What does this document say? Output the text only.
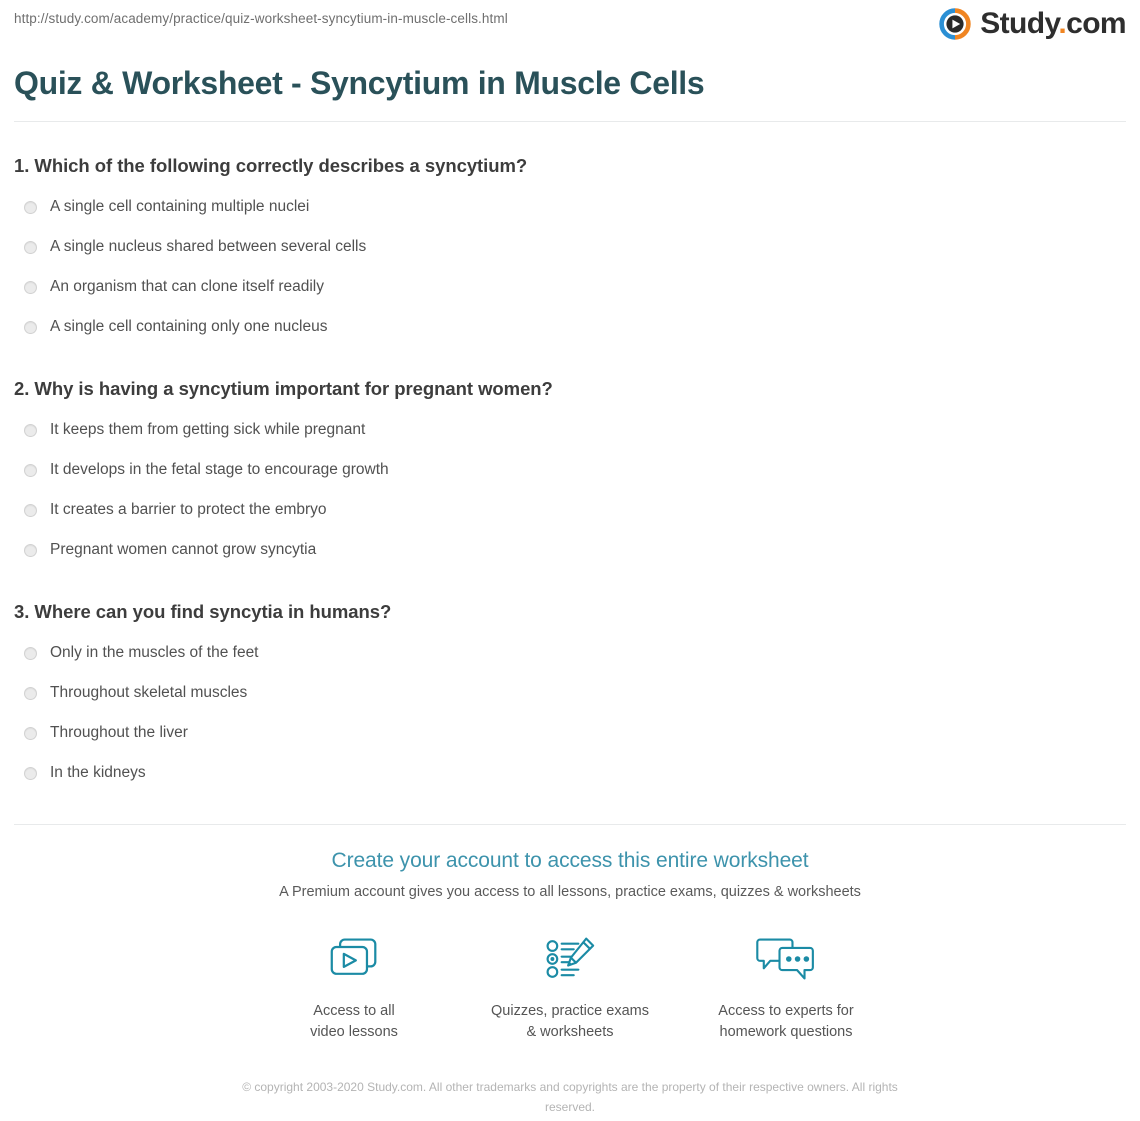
http://study.com/academy/practice/quiz-worksheet-syncytium-in-muscle-cells.html	Study.com
Quiz & Worksheet - Syncytium in Muscle Cells
1. Which of the following correctly describes a syncytium?
A single cell containing multiple nuclei
A single nucleus shared between several cells
An organism that can clone itself readily
A single cell containing only one nucleus
2. Why is having a syncytium important for pregnant women?
It keeps them from getting sick while pregnant
It develops in the fetal stage to encourage growth
It creates a barrier to protect the embryo
Pregnant women cannot grow syncytia
3. Where can you find syncytia in humans?
Only in the muscles of the feet
Throughout skeletal muscles
Throughout the liver
In the kidneys
Create your account to access this entire worksheet
A Premium account gives you access to all lessons, practice exams, quizzes & worksheets
Access to all
video lessons
Quizzes, practice exams
& worksheets
Access to experts for
homework questions
© copyright 2003-2020 Study.com. All other trademarks and copyrights are the property of their respective owners. All rights reserved.
